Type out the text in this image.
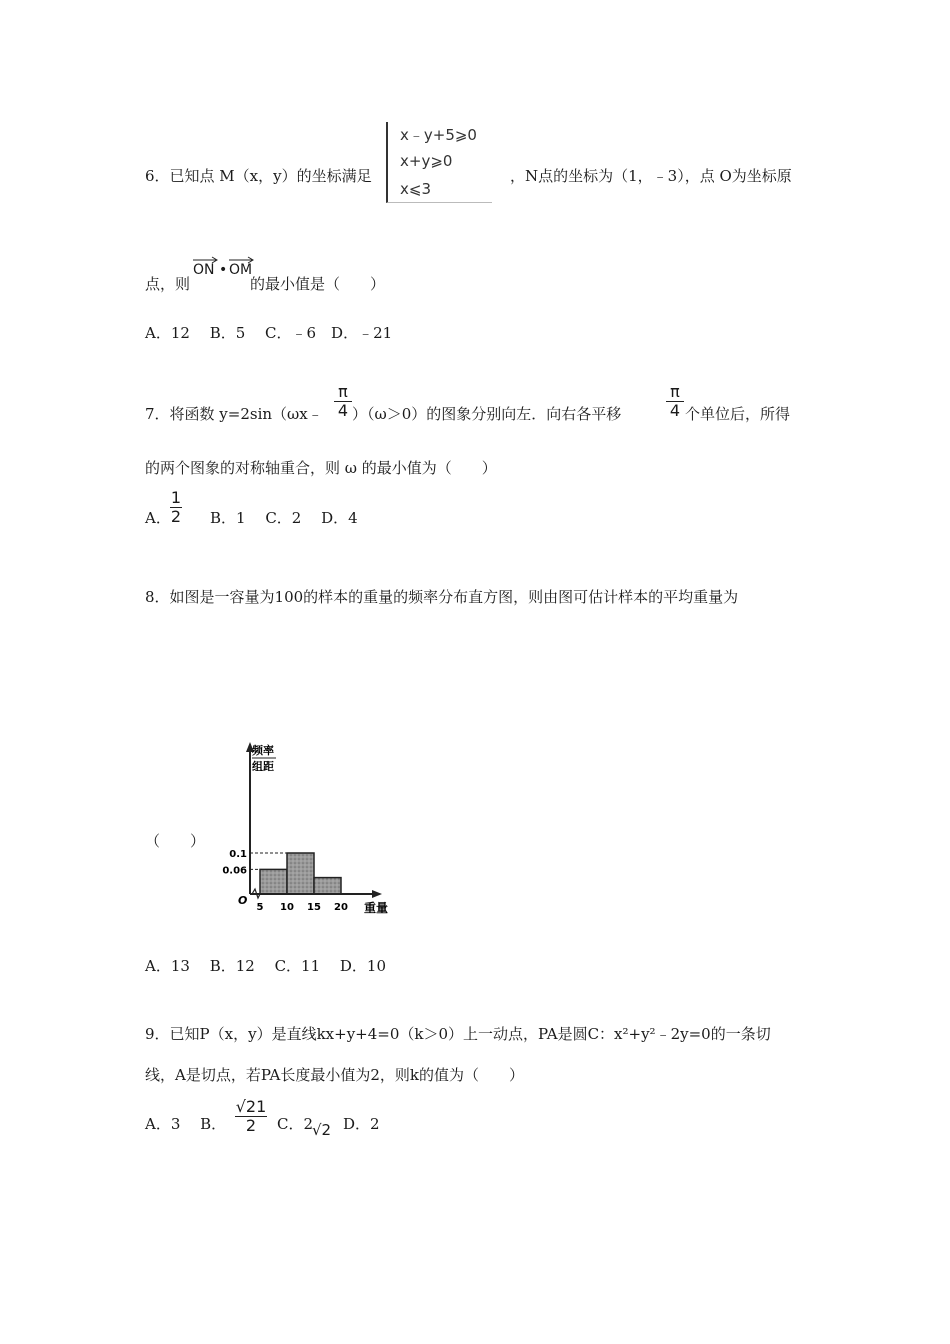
6．已知点 M（x，y）的坐标满足
x﹣y+5⩾0
x+y⩾0
x⩽3
，N点的坐标为（1，﹣3），点 O为坐标原
点，则
ON • OM
的最小值是（　　）
A．12　 B．5　 C．﹣6　D．﹣21
7．将函数 y=2sin（ωx﹣
π
4 ）（ω＞0）的图象分别向左．向右各平移
π
4 个单位后，所得
的两个图象的对称轴重合，则 ω 的最小值为（　　）
A．
1
2 B．1　 C．2　 D．4
8．如图是一容量为100的样本的重量的频率分布直方图，则由图可估计样本的平均重量为
（　　）
0.06
0.1
5 10 15 20
O
频率
组距
重量
A．13　 B．12　 C．11　 D．10
9．已知P（x，y）是直线kx+y+4=0（k＞0）上一动点，PA是圆C：x²+y²﹣2y=0的一条切
线，A是切点，若PA长度最小值为2，则k的值为（　　）
A．3　 B．
√21
2 C．2
√2 D．2
